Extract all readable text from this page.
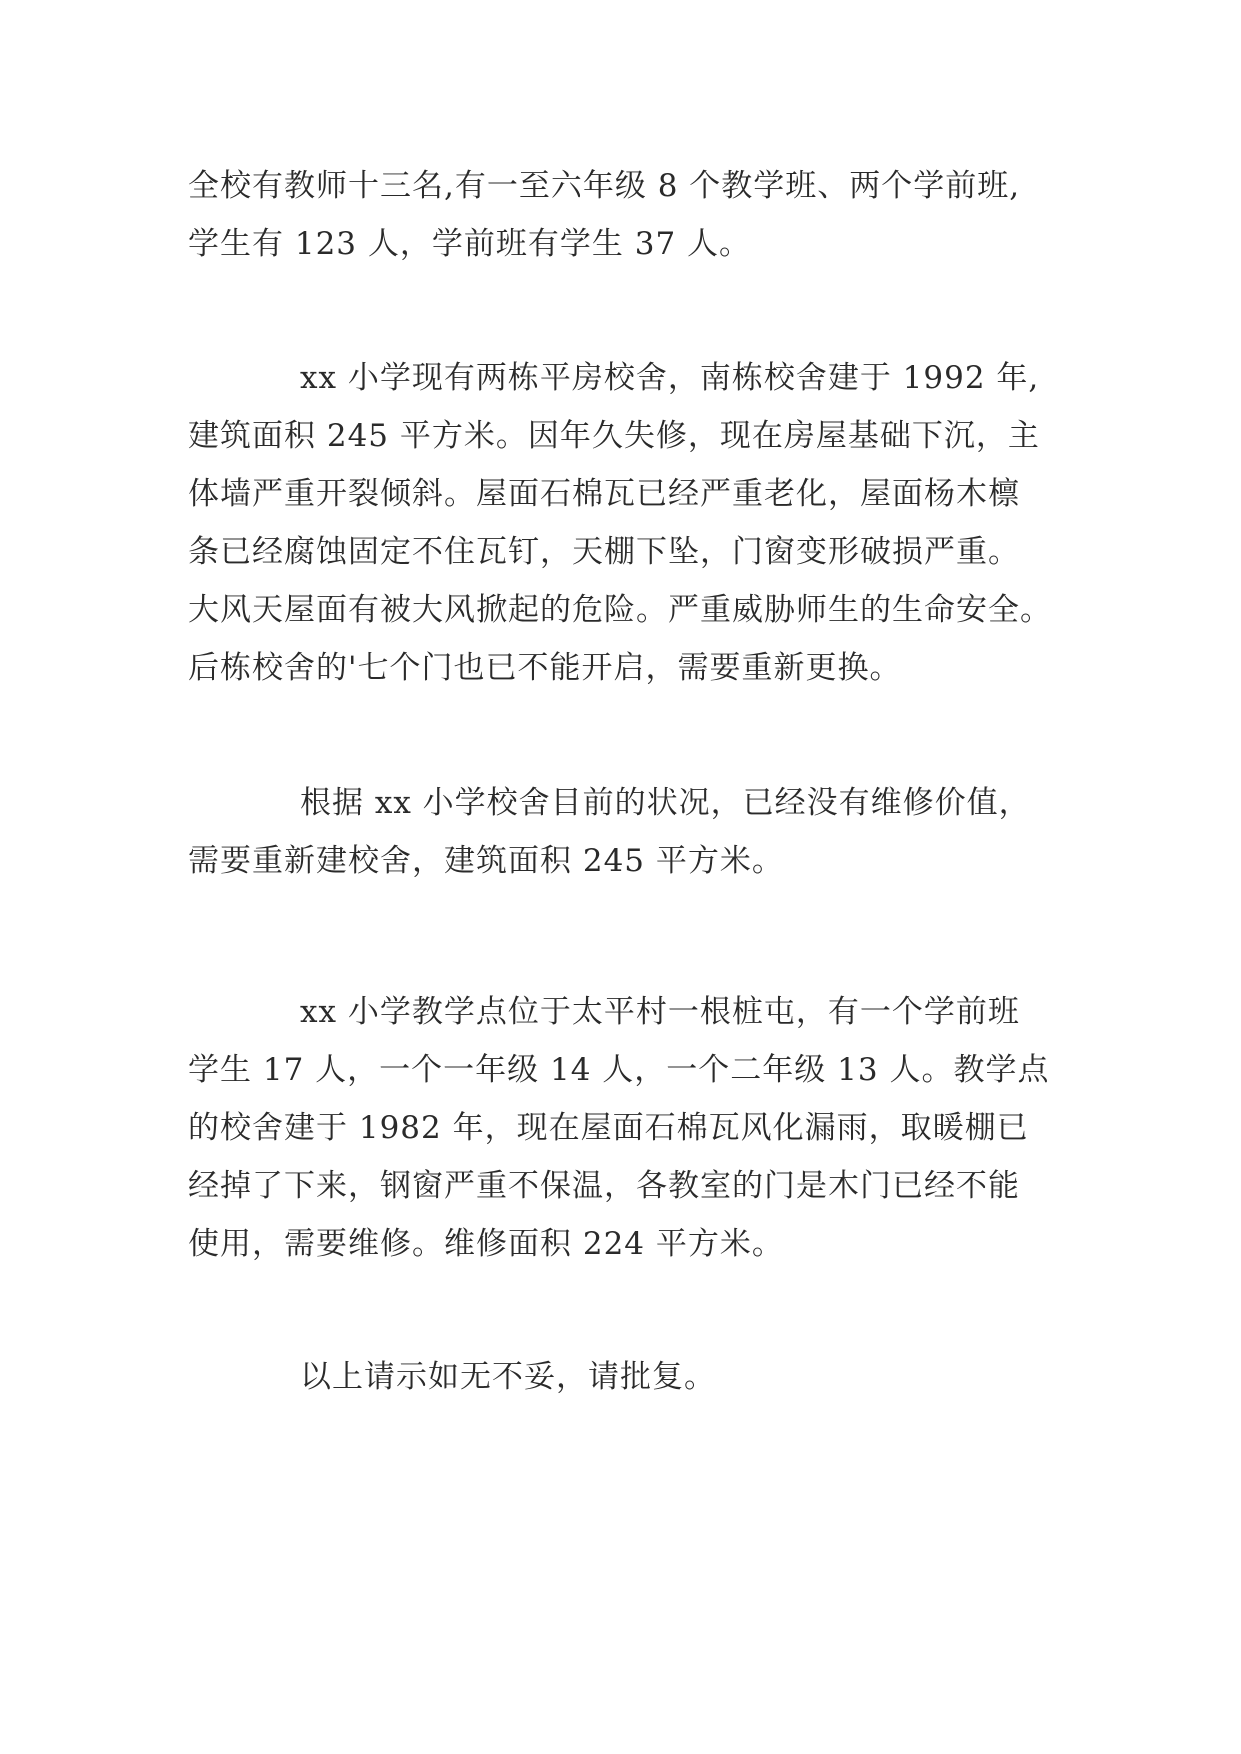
全校有教师十三名,有一至六年级 8 个教学班、两个学前班,
学生有 123 人，学前班有学生 37 人。

xx 小学现有两栋平房校舍，南栋校舍建于 1992 年,
建筑面积 245 平方米。因年久失修，现在房屋基础下沉，主
体墙严重开裂倾斜。屋面石棉瓦已经严重老化，屋面杨木檩
条已经腐蚀固定不住瓦钉，天棚下坠，门窗变形破损严重。
大风天屋面有被大风掀起的危险。严重威胁师生的生命安全。
后栋校舍的'七个门也已不能开启，需要重新更换。

根据 xx 小学校舍目前的状况，已经没有维修价值，
需要重新建校舍，建筑面积 245 平方米。

xx 小学教学点位于太平村一根桩屯，有一个学前班
学生 17 人，一个一年级 14 人，一个二年级 13 人。教学点
的校舍建于 1982 年，现在屋面石棉瓦风化漏雨，取暖棚已
经掉了下来，钢窗严重不保温，各教室的门是木门已经不能
使用，需要维修。维修面积 224 平方米。

以上请示如无不妥，请批复。
